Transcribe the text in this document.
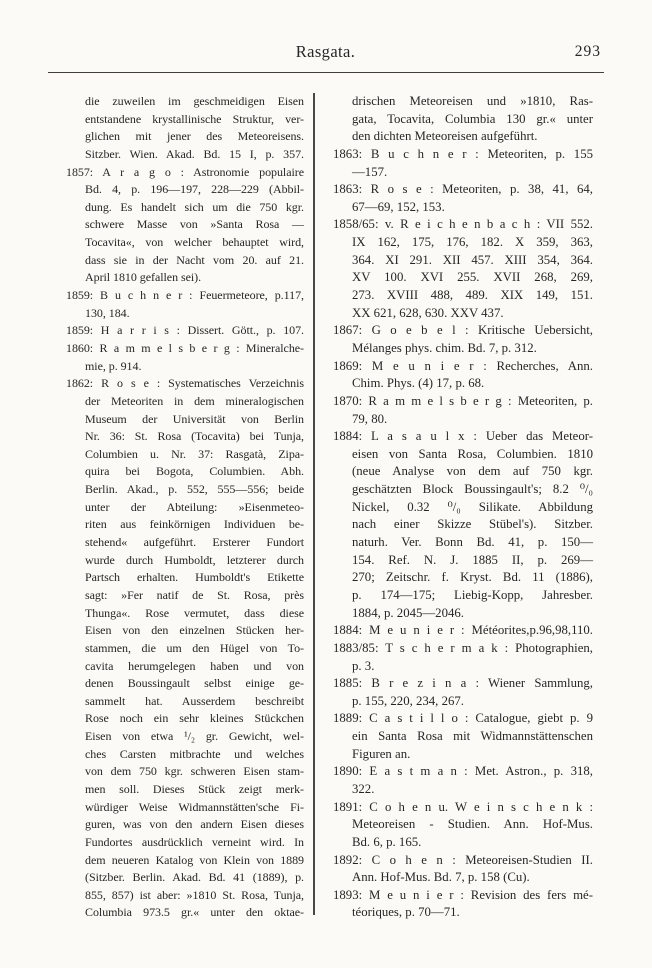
Rasgata.	293
die zuweilen im geschmeidigen Eisen
entstandene krystallinische Struktur, ver-
glichen mit jener des Meteoreisens.
Sitzber. Wien. Akad. Bd. 15 I, p. 357.
1857: A r a g o : Astronomie populaire
Bd. 4, p. 196—197, 228—229 (Abbil-
dung. Es handelt sich um die 750 kgr.
schwere Masse von »Santa Rosa —
Tocavita«, von welcher behauptet wird,
dass sie in der Nacht vom 20. auf 21.
April 1810 gefallen sei).
1859: B u c h n e r : Feuermeteore, p.117,
130, 184.
1859: H a r r i s : Dissert. Gött., p. 107.
1860: R a m m e l s b e r g : Mineralche-
mie, p. 914.
1862: R o s e : Systematisches Verzeichnis
der Meteoriten in dem mineralogischen
Museum der Universität von Berlin
Nr. 36: St. Rosa (Tocavita) bei Tunja,
Columbien u. Nr. 37: Rasgatà, Zipa-
quira bei Bogota, Columbien. Abh.
Berlin. Akad., p. 552, 555—556; beide
unter der Abteilung: »Eisenmeteo-
riten aus feinkörnigen Individuen be-
stehend« aufgeführt. Ersterer Fundort
wurde durch Humboldt, letzterer durch
Partsch erhalten. Humboldt's Etikette
sagt: »Fer natif de St. Rosa, près
Thunga«. Rose vermutet, dass diese
Eisen von den einzelnen Stücken her-
stammen, die um den Hügel von To-
cavita herumgelegen haben und von
denen Boussingault selbst einige ge-
sammelt hat. Ausserdem beschreibt
Rose noch ein sehr kleines Stückchen
Eisen von etwa ¹/₂ gr. Gewicht, wel-
ches Carsten mitbrachte und welches
von dem 750 kgr. schweren Eisen stam-
men soll. Dieses Stück zeigt merk-
würdiger Weise Widmannstätten'sche Fi-
guren, was von den andern Eisen dieses
Fundortes ausdrücklich verneint wird. In
dem neueren Katalog von Klein von 1889
(Sitzber. Berlin. Akad. Bd. 41 (1889), p.
855, 857) ist aber: »1810 St. Rosa, Tunja,
Columbia 973.5 gr.« unter den oktae-
drischen Meteoreisen und »1810, Ras-
gata, Tocavita, Columbia 130 gr.« unter
den dichten Meteoreisen aufgeführt.
1863: B u c h n e r : Meteoriten, p. 155
—157.
1863: R o s e : Meteoriten, p. 38, 41, 64,
67—69, 152, 153.
1858/65: v. R e i c h e n b a c h : VII 552.
IX 162, 175, 176, 182. X 359, 363,
364. XI 291. XII 457. XIII 354, 364.
XV 100. XVI 255. XVII 268, 269,
273. XVIII 488, 489. XIX 149, 151.
XX 621, 628, 630. XXV 437.
1867: G o e b e l : Kritische Uebersicht,
Mélanges phys. chim. Bd. 7, p. 312.
1869: M e u n i e r : Recherches, Ann.
Chim. Phys. (4) 17, p. 68.
1870: R a m m e l s b e r g : Meteoriten, p.
79, 80.
1884: L a s a u l x : Ueber das Meteor-
eisen von Santa Rosa, Columbien. 1810
(neue Analyse von dem auf 750 kgr.
geschätzten Block Boussingault's; 8.2 ⁰/₀
Nickel, 0.32 ⁰/₀ Silikate. Abbildung
nach einer Skizze Stübel's). Sitzber.
naturh. Ver. Bonn Bd. 41, p. 150—
154. Ref. N. J. 1885 II, p. 269—
270; Zeitschr. f. Kryst. Bd. 11 (1886),
p. 174—175; Liebig-Kopp, Jahresber.
1884, p. 2045—2046.
1884: M e u n i e r : Météorites,p.96,98,110.
1883/85: T s c h e r m a k : Photographien,
p. 3.
1885: B r e z i n a : Wiener Sammlung,
p. 155, 220, 234, 267.
1889: C a s t i l l o : Catalogue, giebt p. 9
ein Santa Rosa mit Widmannstättenschen
Figuren an.
1890: E a s t m a n : Met. Astron., p. 318,
322.
1891: C o h e n u. W e i n s c h e n k :
Meteoreisen - Studien. Ann. Hof-Mus.
Bd. 6, p. 165.
1892: C o h e n : Meteoreisen-Studien II.
Ann. Hof-Mus. Bd. 7, p. 158 (Cu).
1893: M e u n i e r : Revision des fers mé-
téoriques, p. 70—71.
